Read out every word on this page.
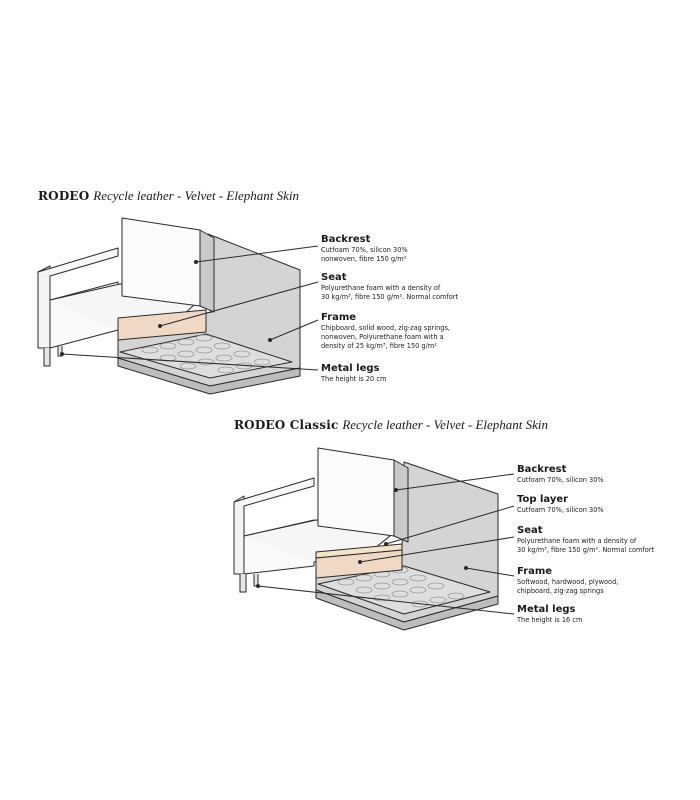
RODEO Recycle leather - Velvet - Elephant Skin
Backrest
Cutfoam 70%, silicon 30%
nonwoven, fibre 150 g/m²
Seat
Polyurethane foam with a density of
30 kg/m³, fibre 150 g/m². Normal comfort
Frame
Chipboard, solid wood, zig-zag springs,
nonwoven, Polyurethane foam with a
density of 25 kg/m³, fibre 150 g/m²
Metal legs
The height is 20 cm
RODEO Classic Recycle leather - Velvet - Elephant Skin
Backrest
Cutfoam 70%, silicon 30%
Top layer
Cutfoam 70%, silicon 30%
Seat
Polyurethane foam with a density of
30 kg/m³, fibre 150 g/m². Normal comfort
Frame
Softwood, hardwood, plywood,
chipboard, zig-zag springs
Metal legs
The height is 16 cm
